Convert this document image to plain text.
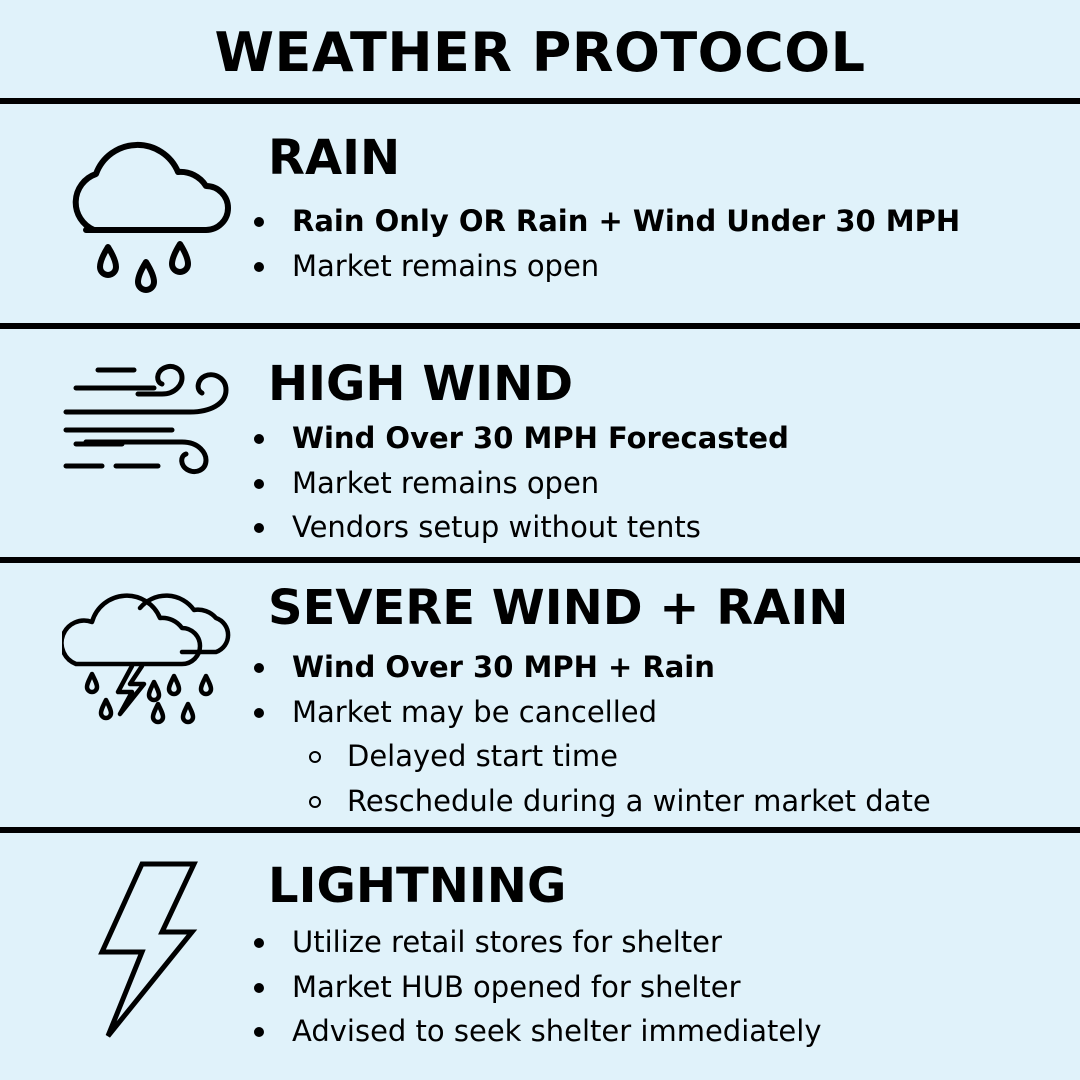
WEATHER PROTOCOL
RAIN
Rain Only OR Rain + Wind Under 30 MPH
Market remains open
HIGH WIND
Wind Over 30 MPH Forecasted
Market remains open
Vendors setup without tents
SEVERE WIND + RAIN
Wind Over 30 MPH + Rain
Market may be cancelled
Delayed start time
Reschedule during a winter market date
LIGHTNING
Utilize retail stores for shelter
Market HUB opened for shelter
Advised to seek shelter immediately
